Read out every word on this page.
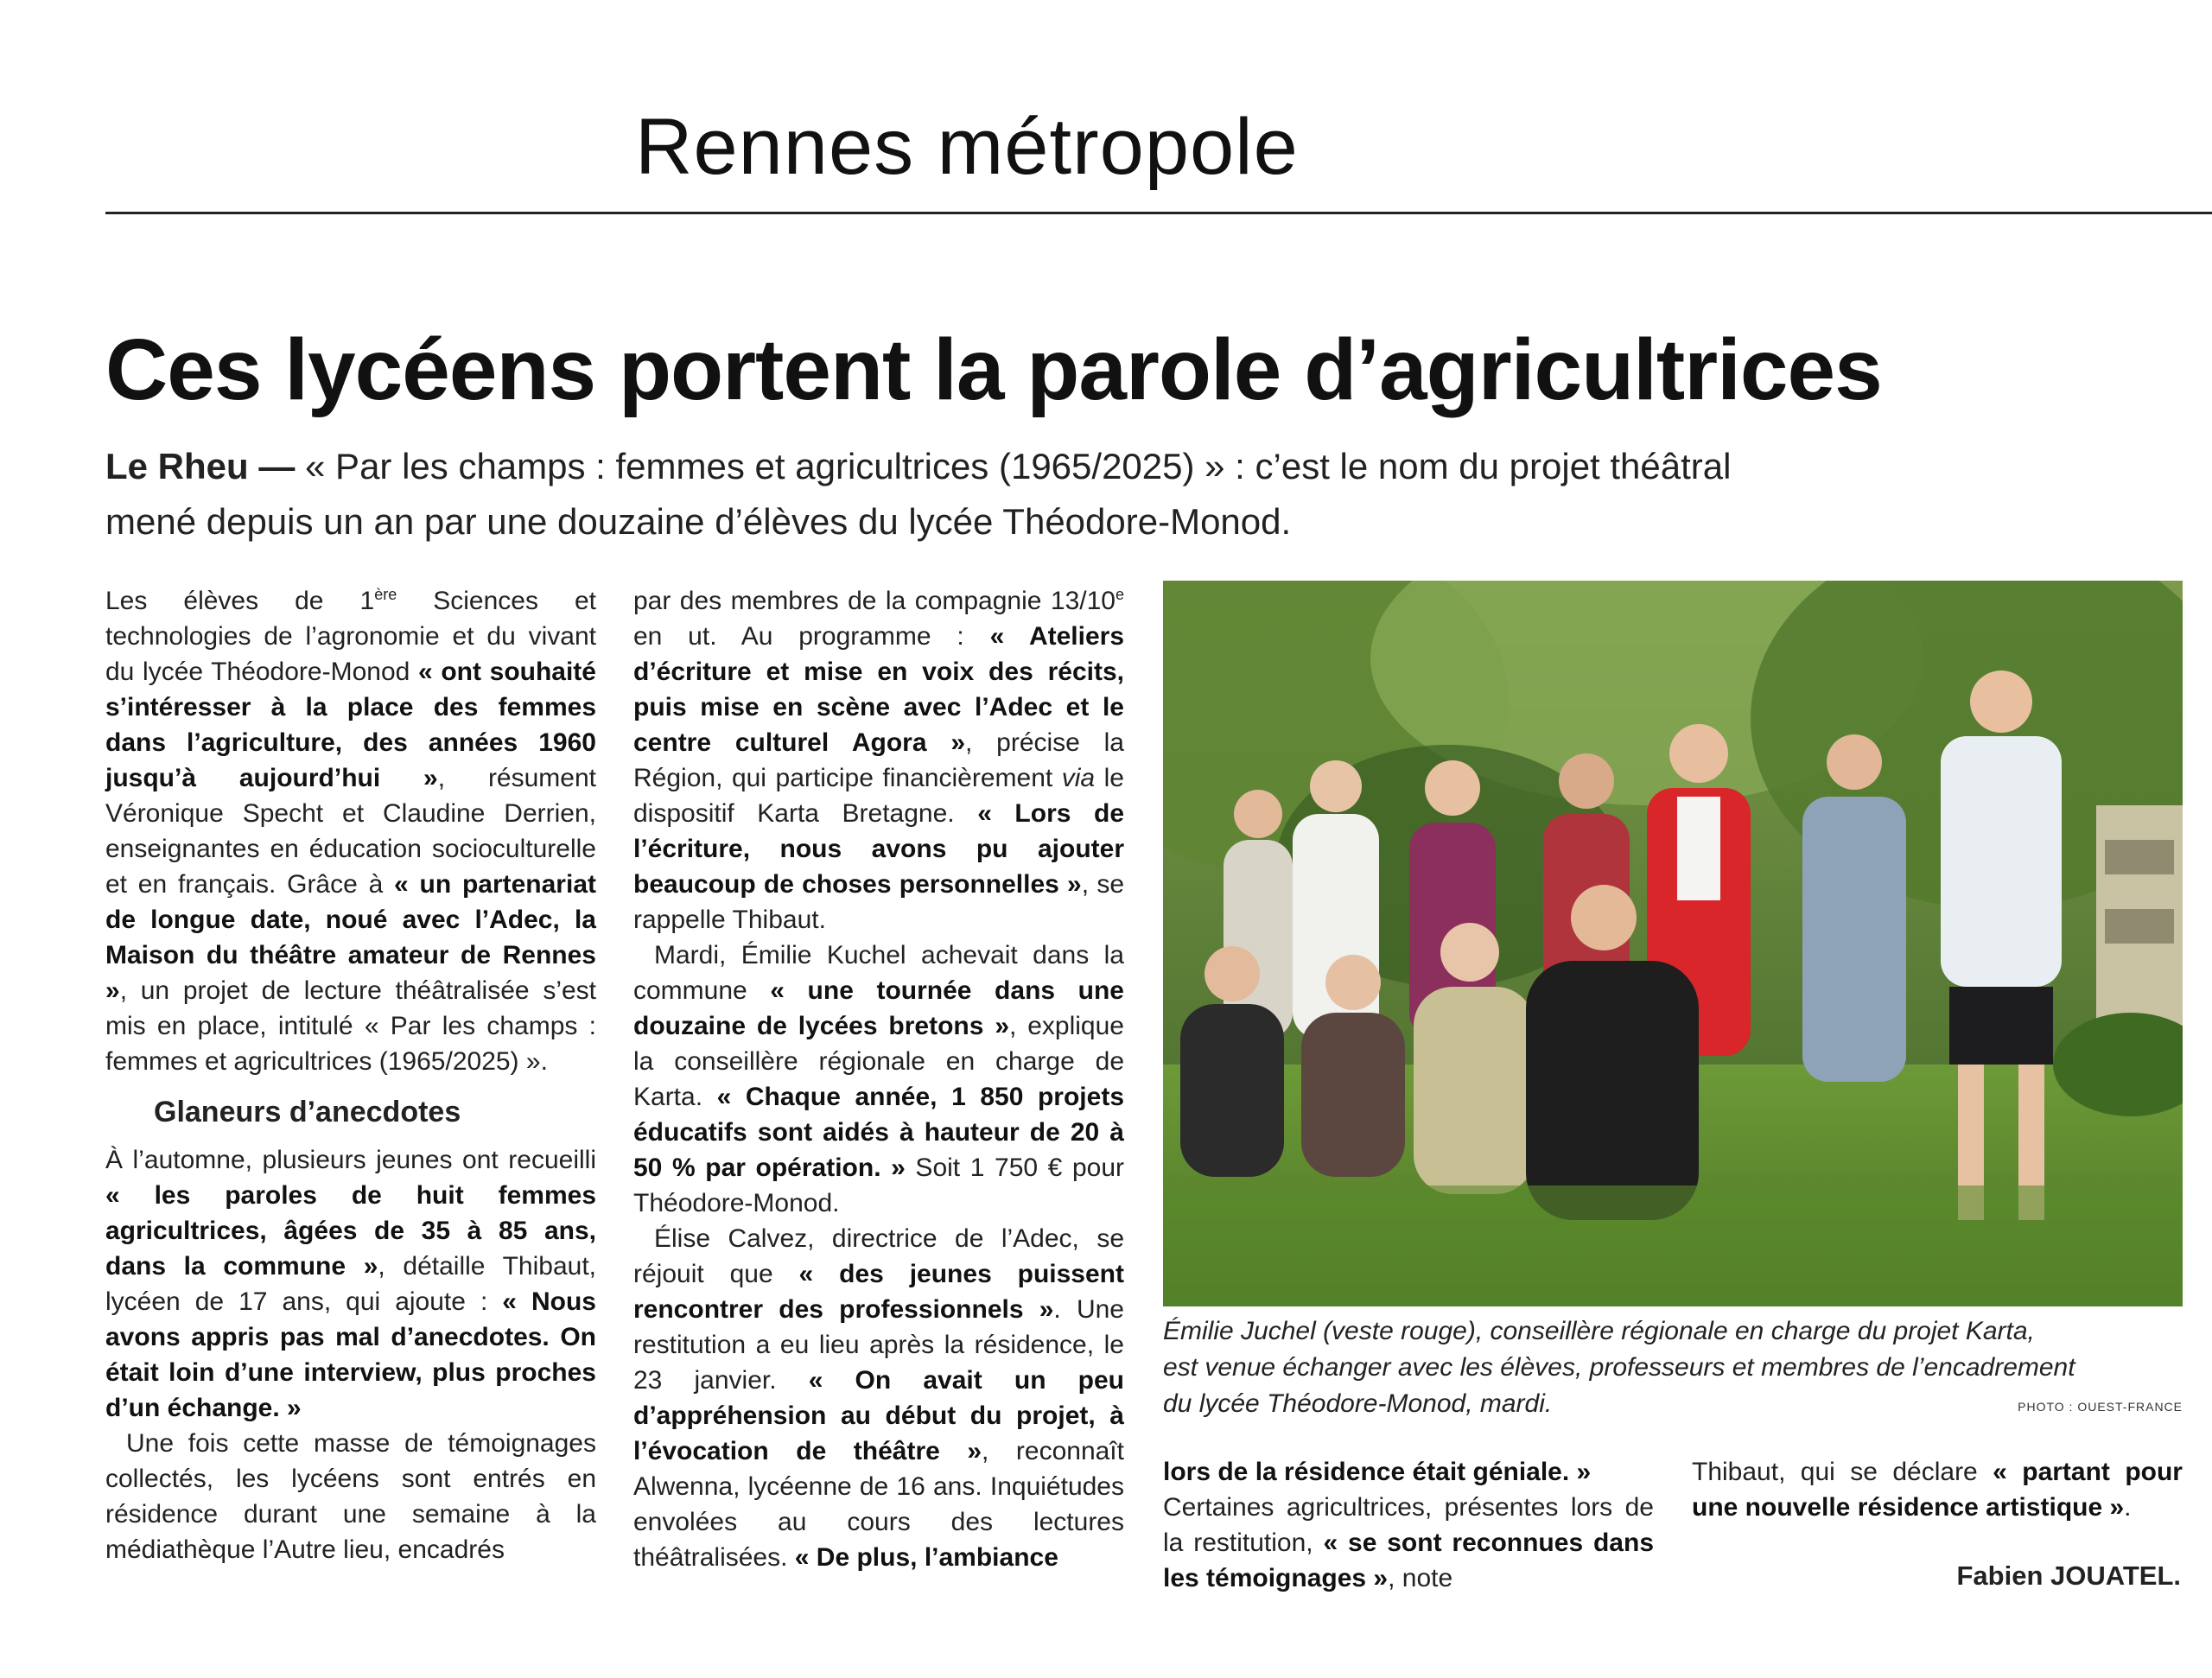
Rennes métropole
Ces lycéens portent la parole d’agricultrices
Le Rheu — « Par les champs : femmes et agricultrices (1965/2025) » : c’est le nom du projet théâtral
mené depuis un an par une douzaine d’élèves du lycée Théodore-Monod.

Les élèves de 1ère Sciences et technologies de l’agronomie et du vivant du lycée Théodore-Monod « ont souhaité s’intéresser à la place des femmes dans l’agriculture, des années 1960 jusqu’à aujourd’hui », résument Véronique Specht et Claudine Derrien, enseignantes en éducation socioculturelle et en français. Grâce à « un partenariat de longue date, noué avec l’Adec, la Maison du théâtre amateur de Rennes », un projet de lecture théâtralisée s’est mis en place, intitulé « Par les champs : femmes et agricultrices (1965/2025) ».

Glaneurs d’anecdotes

À l’automne, plusieurs jeunes ont recueilli « les paroles de huit femmes agricultrices, âgées de 35 à 85 ans, dans la commune », détaille Thibaut, lycéen de 17 ans, qui ajoute : « Nous avons appris pas mal d’anecdotes. On était loin d’une interview, plus proches d’un échange. »

Une fois cette masse de témoignages collectés, les lycéens sont entrés en résidence durant une semaine à la médiathèque l’Autre lieu, encadrés

par des membres de la compagnie 13/10e en ut. Au programme : « Ateliers d’écriture et mise en voix des récits, puis mise en scène avec l’Adec et le centre culturel Agora », précise la Région, qui participe financièrement via le dispositif Karta Bretagne. « Lors de l’écriture, nous avons pu ajouter beaucoup de choses personnelles », se rappelle Thibaut.

Mardi, Émilie Kuchel achevait dans la commune « une tournée dans une douzaine de lycées bretons », explique la conseillère régionale en charge de Karta. « Chaque année, 1 850 projets éducatifs sont aidés à hauteur de 20 à 50 % par opération. » Soit 1 750 € pour Théodore-Monod.

Élise Calvez, directrice de l’Adec, se réjouit que « des jeunes puissent rencontrer des professionnels ». Une restitution a eu lieu après la résidence, le 23 janvier. « On avait un peu d’appréhension au début du projet, à l’évocation de théâtre », reconnaît Alwenna, lycéenne de 16 ans. Inquiétudes envolées au cours des lectures théâtralisées. « De plus, l’ambiance

Émilie Juchel (veste rouge), conseillère régionale en charge du projet Karta,
est venue échanger avec les élèves, professeurs et membres de l’encadrement
du lycée Théodore-Monod, mardi.	PHOTO : OUEST-FRANCE

lors de la résidence était géniale. »

Certaines agricultrices, présentes lors de la restitution, « se sont reconnues dans les témoignages », note

Thibaut, qui se déclare « partant pour une nouvelle résidence artistique ».

Fabien JOUATEL.
